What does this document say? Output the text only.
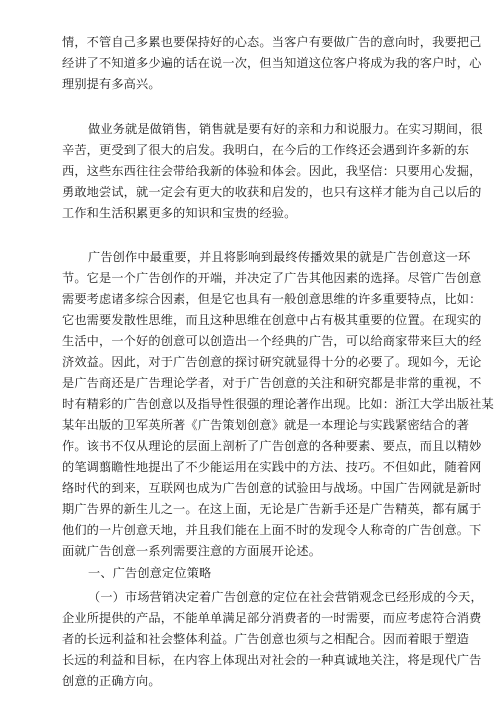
情，不管自己多累也要保持好的心态。当客户有要做广告的意向时，我要把己
经讲了不知道多少遍的话在说一次，但当知道这位客户将成为我的客户时，心
理别提有多高兴。
做业务就是做销售，销售就是要有好的亲和力和说服力。在实习期间，很
辛苦，更受到了很大的启发。我明白，在今后的工作终还会遇到许多新的东
西，这些东西往往会带给我新的体验和体会。因此，我坚信：只要用心发掘，
勇敢地尝试，就一定会有更大的收获和启发的，也只有这样才能为自己以后的
工作和生活积累更多的知识和宝贵的经验。
广告创作中最重要，并且将影响到最终传播效果的就是广告创意这一环
节。它是一个广告创作的开端，并决定了广告其他因素的选择。尽管广告创意
需要考虑诸多综合因素，但是它也具有一般创意思维的许多重要特点，比如：
它也需要发散性思维，而且这种思维在创意中占有极其重要的位置。在现实的
生活中，一个好的创意可以创造出一个经典的广告，可以给商家带来巨大的经
济效益。因此，对于广告创意的探讨研究就显得十分的必要了。现如今，无论
是广告商还是广告理论学者，对于广告创意的关注和研究都是非常的重视，不
时有精彩的广告创意以及指导性很强的理论著作出现。比如：浙江大学出版社某
某年出版的卫军英所著《广告策划创意》就是一本理论与实践紧密结合的著
作。该书不仅从理论的层面上剖析了广告创意的各种要素、要点，而且以精妙
的笔调翦瞻性地提出了不少能运用在实践中的方法、技巧。不但如此，随着网
络时代的到来，互联网也成为广告创意的试验田与战场。中国广告网就是新时
期广告界的新生儿之一。在这上面，无论是广告新手还是广告精英，都有属于
他们的一片创意天地，并且我们能在上面不时的发现令人称奇的广告创意。下
面就广告创意一系列需要注意的方面展开论述。
一、广告创意定位策略
（一）市场营销决定着广告创意的定位在社会营销观念已经形成的今天，
企业所提供的产品，不能单单满足部分消费者的一时需要，而应考虑符合消费
者的长远利益和社会整体利益。广告创意也须与之相配合。因而着眼于塑造
长远的利益和目标，在内容上体现出对社会的一种真诚地关注，将是现代广告
创意的正确方向。
